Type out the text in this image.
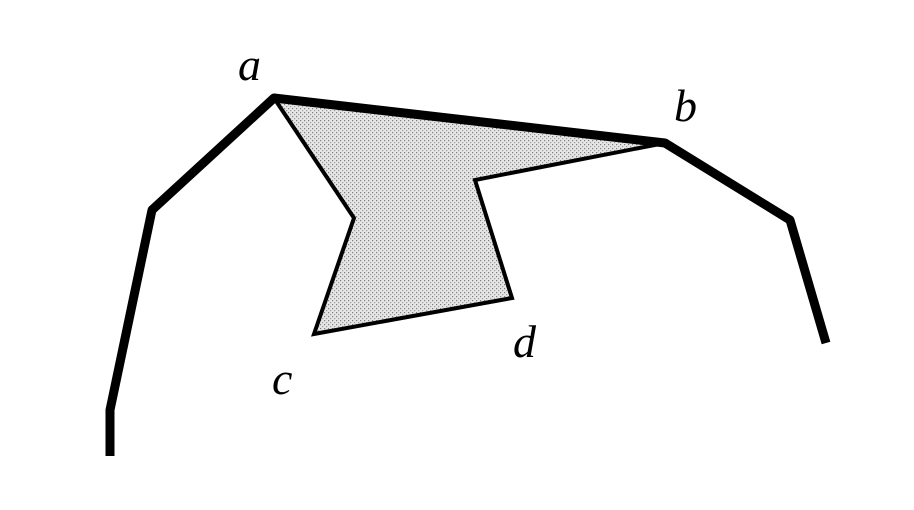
a
b
c
d
